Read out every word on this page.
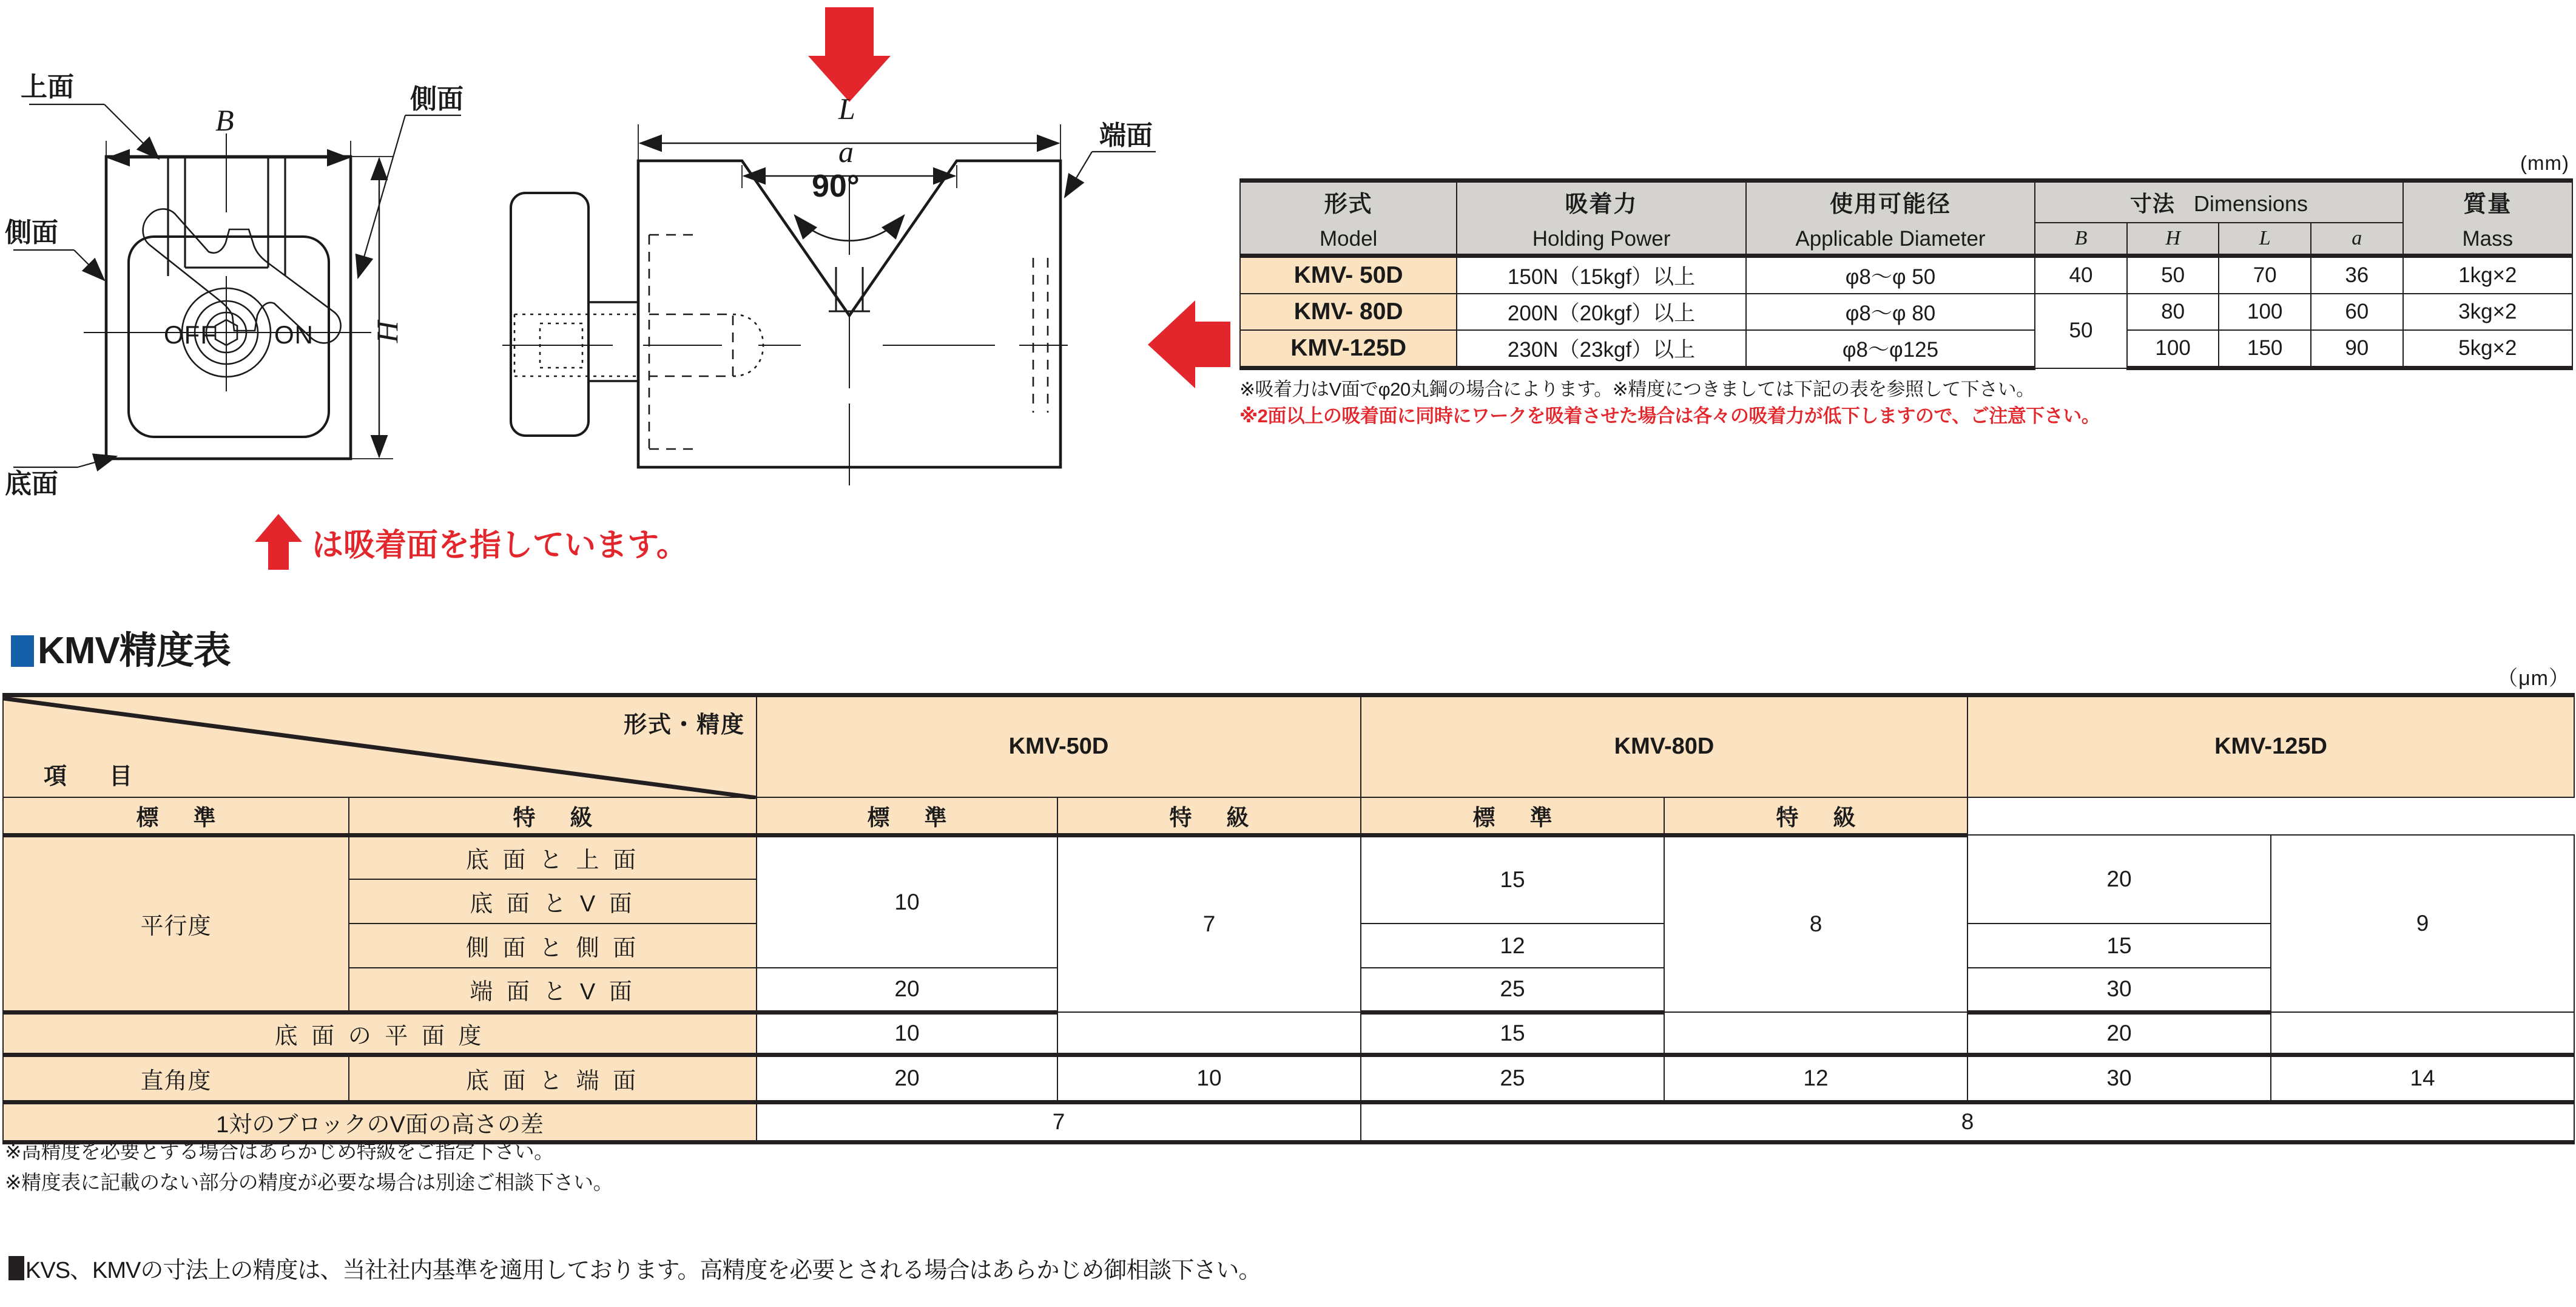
上面
側面
側面
底面
B
H
OFF ON
L
a
90°
端面
は吸着面を指しています。
(mm)
形式
Model

吸着力
Holding Power

使用可能径
Applicable Diameter
	寸法 Dimensions	質量
Mass

			B	H	L	a	
KMV- 50D	150N（15kgf）以上	φ8〜φ 50	40	50	70	36	1kg×2
KMV- 80D	200N（20kgf）以上	φ8〜φ 80	50	80	100	60	3kg×2
KMV-125D	230N（23kgf）以上	φ8〜φ125		100	150	90	5kg×2
※吸着力はV面でφ20丸鋼の場合によります。※精度につきましては下記の表を参照して下さい。
※2面以上の吸着面に同時にワークを吸着させた場合は各々の吸着力が低下しますので、ご注意下さい。
KMV精度表
（μm）
形式・精度
項　目		KMV-50D		KMV-80D		KMV-125D	
標　準	特　級	標　準	特　級	標　準	特　級		
平行度	底 面 と 上 面	10	7	15	8	20	9
	底 面 と V 面						
	側 面 と 側 面			12		15	
	端 面 と V 面	20		25		30	
底 面 の 平 面 度		10		15		20	
直角度	底 面 と 端 面	20	10	25	12	30	14
1対のブロックのV面の高さの差		7		8			
※高精度を必要とする場合はあらかじめ特級をご指定下さい。
※精度表に記載のない部分の精度が必要な場合は別途ご相談下さい。
KVS、KMVの寸法上の精度は、当社社内基準を適用しております。高精度を必要とされる場合はあらかじめ御相談下さい。
